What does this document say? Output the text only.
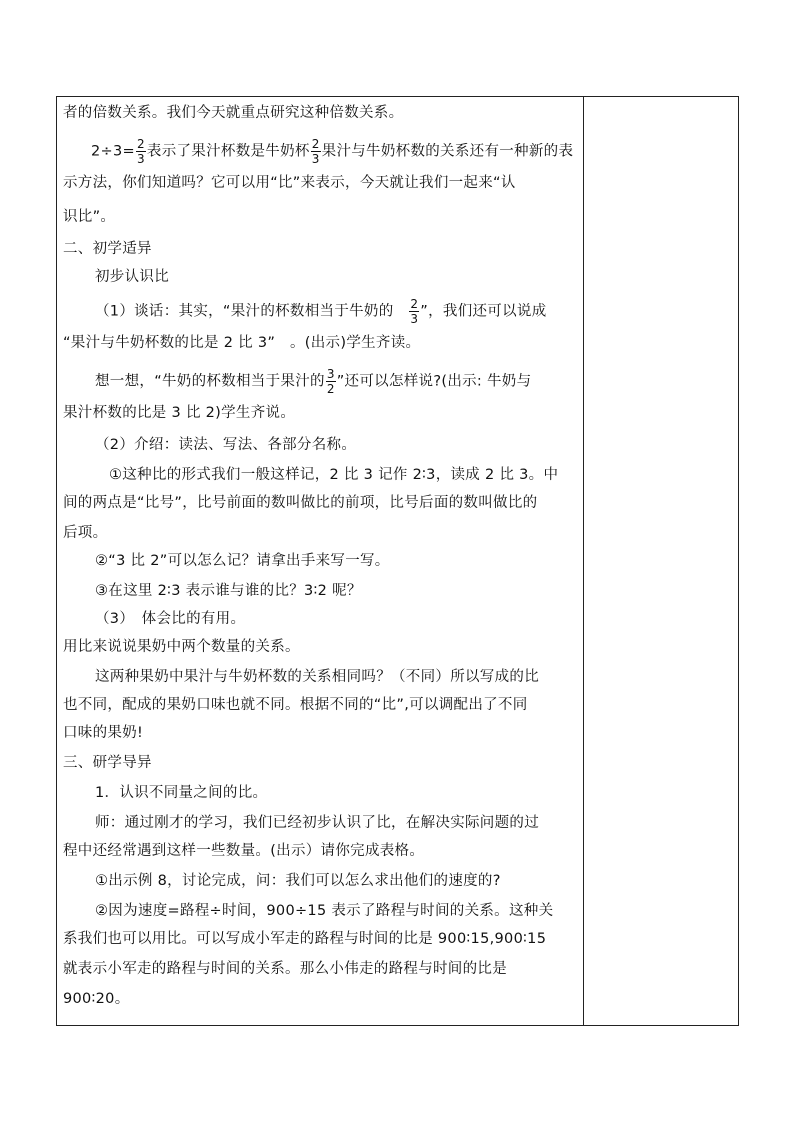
者的倍数关系。我们今天就重点研究这种倍数关系。
$2\div 3= \frac{2}{3}$ 表示了果汁杯数是牛奶杯 $\frac{2}{3}$ 果汁与牛奶杯数的关系还有一种新的表
示方法，你们知道吗？它可以用“比”来表示，今天就让我们一起来“认
识比”。
二、初学适异
初步认识比
（1）谈话：其实，“果汁的杯数相当于牛奶的　 $\frac{2}{3}$ ”，我们还可以说成
“果汁与牛奶杯数的比是 2 比 3”　。(出示)学生齐读。
想一想，“牛奶的杯数相当于果汁的 $\frac{3}{2}$ ”还可以怎样说?(出示: 牛奶与
果汁杯数的比是 3 比 2)学生齐说。
（2）介绍：读法、写法、各部分名称。
①这种比的形式我们一般这样记，2 比 3 记作 2∶3，读成 2 比 3。中
间的两点是“比号”，比号前面的数叫做比的前项，比号后面的数叫做比的
后项。
②“3 比 2”可以怎么记？请拿出手来写一写。
③在这里 2∶3 表示谁与谁的比？3∶2 呢？
（3）　体会比的有用。
用比来说说果奶中两个数量的关系。
这两种果奶中果汁与牛奶杯数的关系相同吗？（不同）所以写成的比
也不同，配成的果奶口味也就不同。根据不同的“比”,可以调配出了不同
口味的果奶!
三、研学导异
1．认识不同量之间的比。
师：通过刚才的学习，我们已经初步认识了比，在解决实际问题的过
程中还经常遇到这样一些数量。(出示）请你完成表格。
①出示例 8，讨论完成，问：我们可以怎么求出他们的速度的?
②因为速度=路程÷时间，900÷15 表示了路程与时间的关系。这种关
系我们也可以用比。可以写成小军走的路程与时间的比是 900∶15,900∶15
就表示小军走的路程与时间的关系。那么小伟走的路程与时间的比是
900∶20。
